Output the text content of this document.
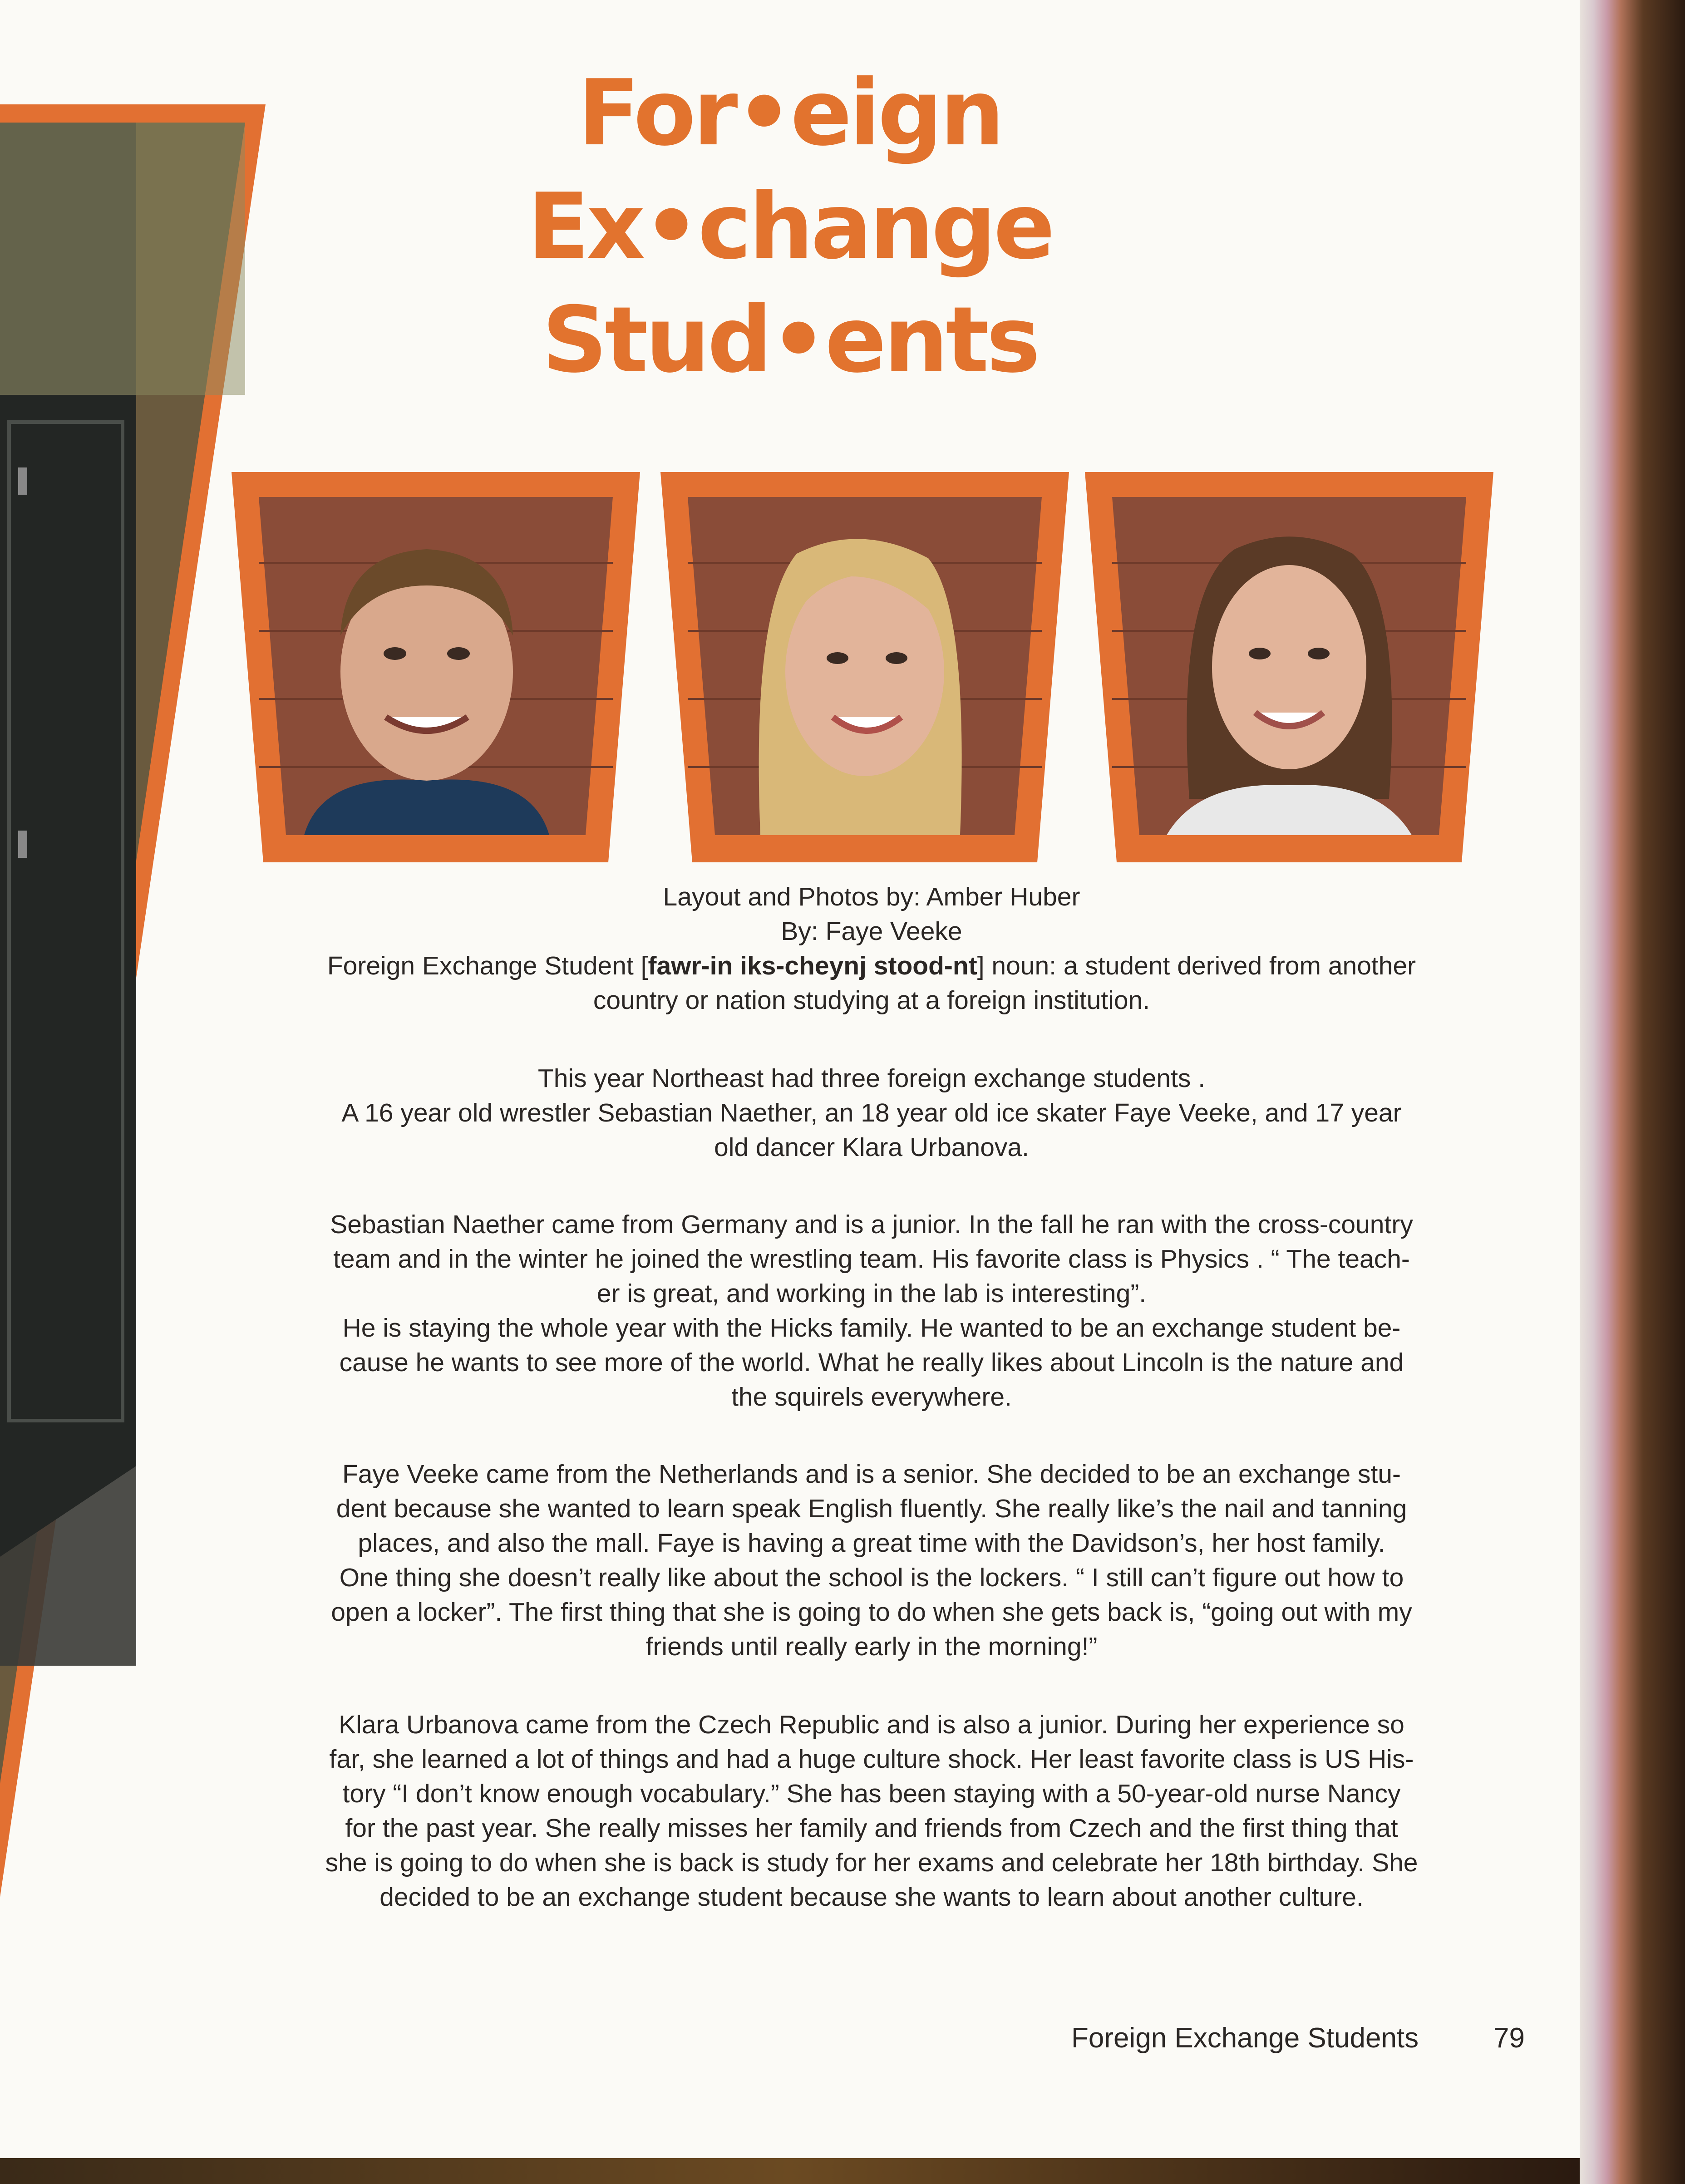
For•eign
Ex•change
Stud•ents
Layout and Photos by: Amber Huber
By: Faye Veeke
Foreign Exchange Student [fawr-in iks-cheynj stood-nt] noun: a student derived from another
country or nation studying at a foreign institution.
This year Northeast had three foreign exchange students .
A 16 year old wrestler Sebastian Naether, an 18 year old ice skater Faye Veeke, and 17 year
old dancer Klara Urbanova.
Sebastian Naether came from Germany and is a junior. In the fall he ran with the cross-country
team and in the winter he joined the wrestling team. His favorite class is Physics . “ The teach-
er is great, and working in the lab is interesting”.
He is staying the whole year with the Hicks family. He wanted to be an exchange student be-
cause he wants to see more of the world. What he really likes about Lincoln is the nature and
the squirels everywhere.
Faye Veeke came from the Netherlands and is a senior. She decided to be an exchange stu-
dent because she wanted to learn speak English fluently. She really like’s the nail and tanning
places, and also the mall. Faye is having a great time with the Davidson’s, her host family.
One thing she doesn’t really like about the school is the lockers. “ I still can’t figure out how to
open a locker”. The first thing that she is going to do when she gets back is, “going out with my
friends until really early in the morning!”
Klara Urbanova came from the Czech Republic and is also a junior. During her experience so
far, she learned a lot of things and had a huge culture shock. Her least favorite class is US His-
tory “I don’t know enough vocabulary.” She has been staying with a 50-year-old nurse Nancy
for the past year. She really misses her family and friends from Czech and the first thing that
she is going to do when she is back is study for her exams and celebrate her 18th birthday. She
decided to be an exchange student because she wants to learn about another culture.
Foreign Exchange Students	79
